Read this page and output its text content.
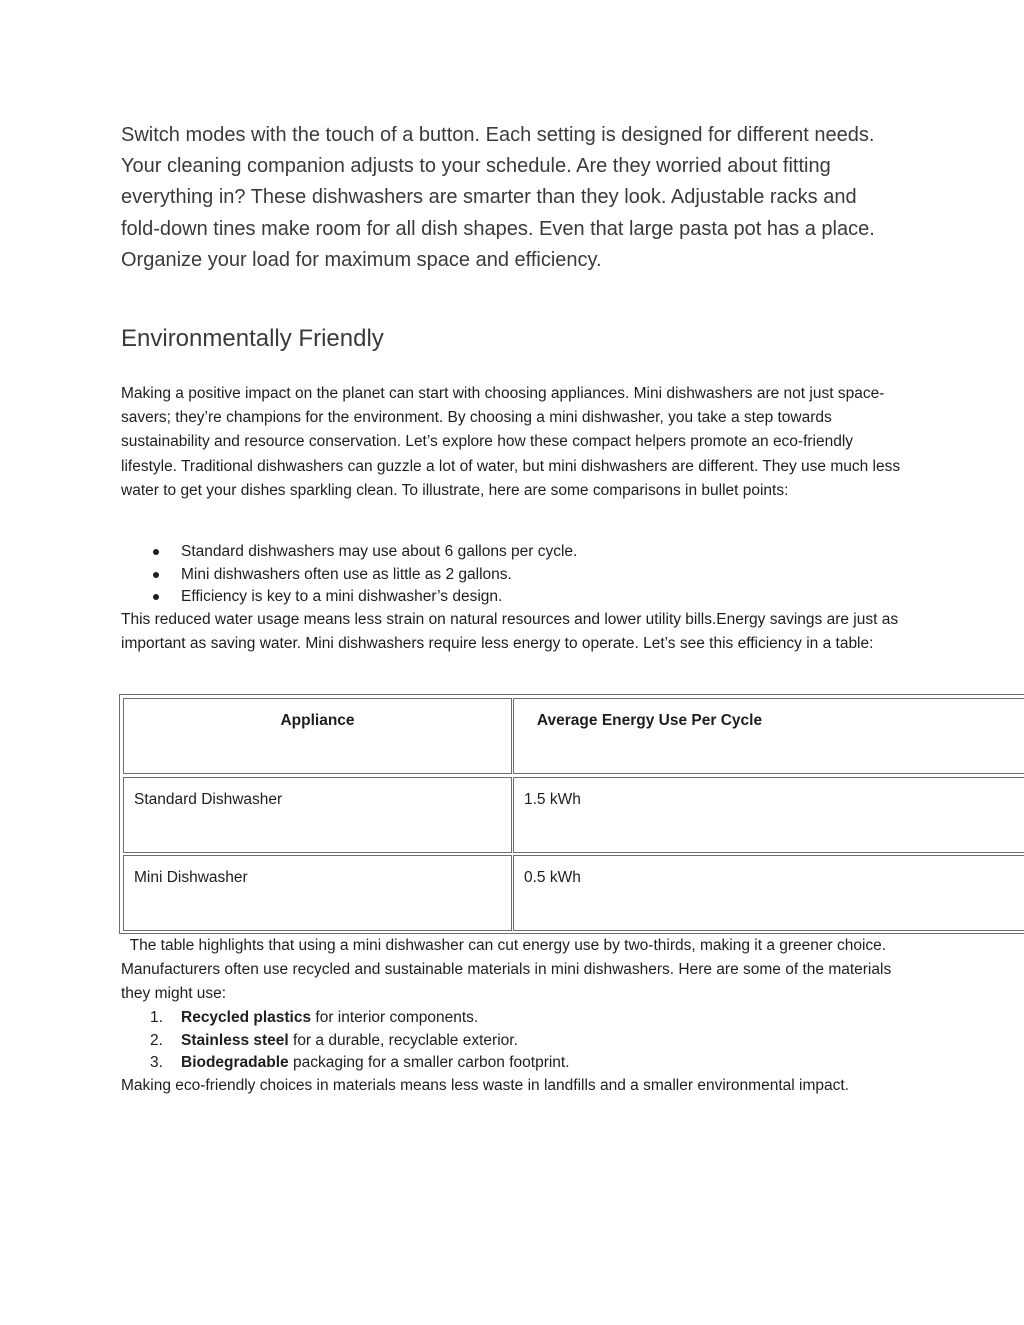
Switch modes with the touch of a button. Each setting is designed for different needs. Your cleaning companion adjusts to your schedule. Are they worried about fitting everything in? These dishwashers are smarter than they look. Adjustable racks and fold-down tines make room for all dish shapes. Even that large pasta pot has a place. Organize your load for maximum space and efficiency.

Environmentally Friendly

Making a positive impact on the planet can start with choosing appliances. Mini dishwashers are not just space-savers; they’re champions for the environment. By choosing a mini dishwasher, you take a step towards sustainability and resource conservation. Let’s explore how these compact helpers promote an eco-friendly lifestyle. Traditional dishwashers can guzzle a lot of water, but mini dishwashers are different. They use much less water to get your dishes sparkling clean. To illustrate, here are some comparisons in bullet points:

Standard dishwashers may use about 6 gallons per cycle.
Mini dishwashers often use as little as 2 gallons.
Efficiency is key to a mini dishwasher’s design.

This reduced water usage means less strain on natural resources and lower utility bills.Energy savings are just as important as saving water. Mini dishwashers require less energy to operate. Let’s see this efficiency in a table:

Appliance	Average Energy Use Per Cycle
Standard Dishwasher	1.5 kWh
Mini Dishwasher	0.5 kWh

The table highlights that using a mini dishwasher can cut energy use by two-thirds, making it a greener choice. Manufacturers often use recycled and sustainable materials in mini dishwashers. Here are some of the materials they might use:

1. Recycled plastics for interior components.
2. Stainless steel for a durable, recyclable exterior.
3. Biodegradable packaging for a smaller carbon footprint.

Making eco-friendly choices in materials means less waste in landfills and a smaller environmental impact.
